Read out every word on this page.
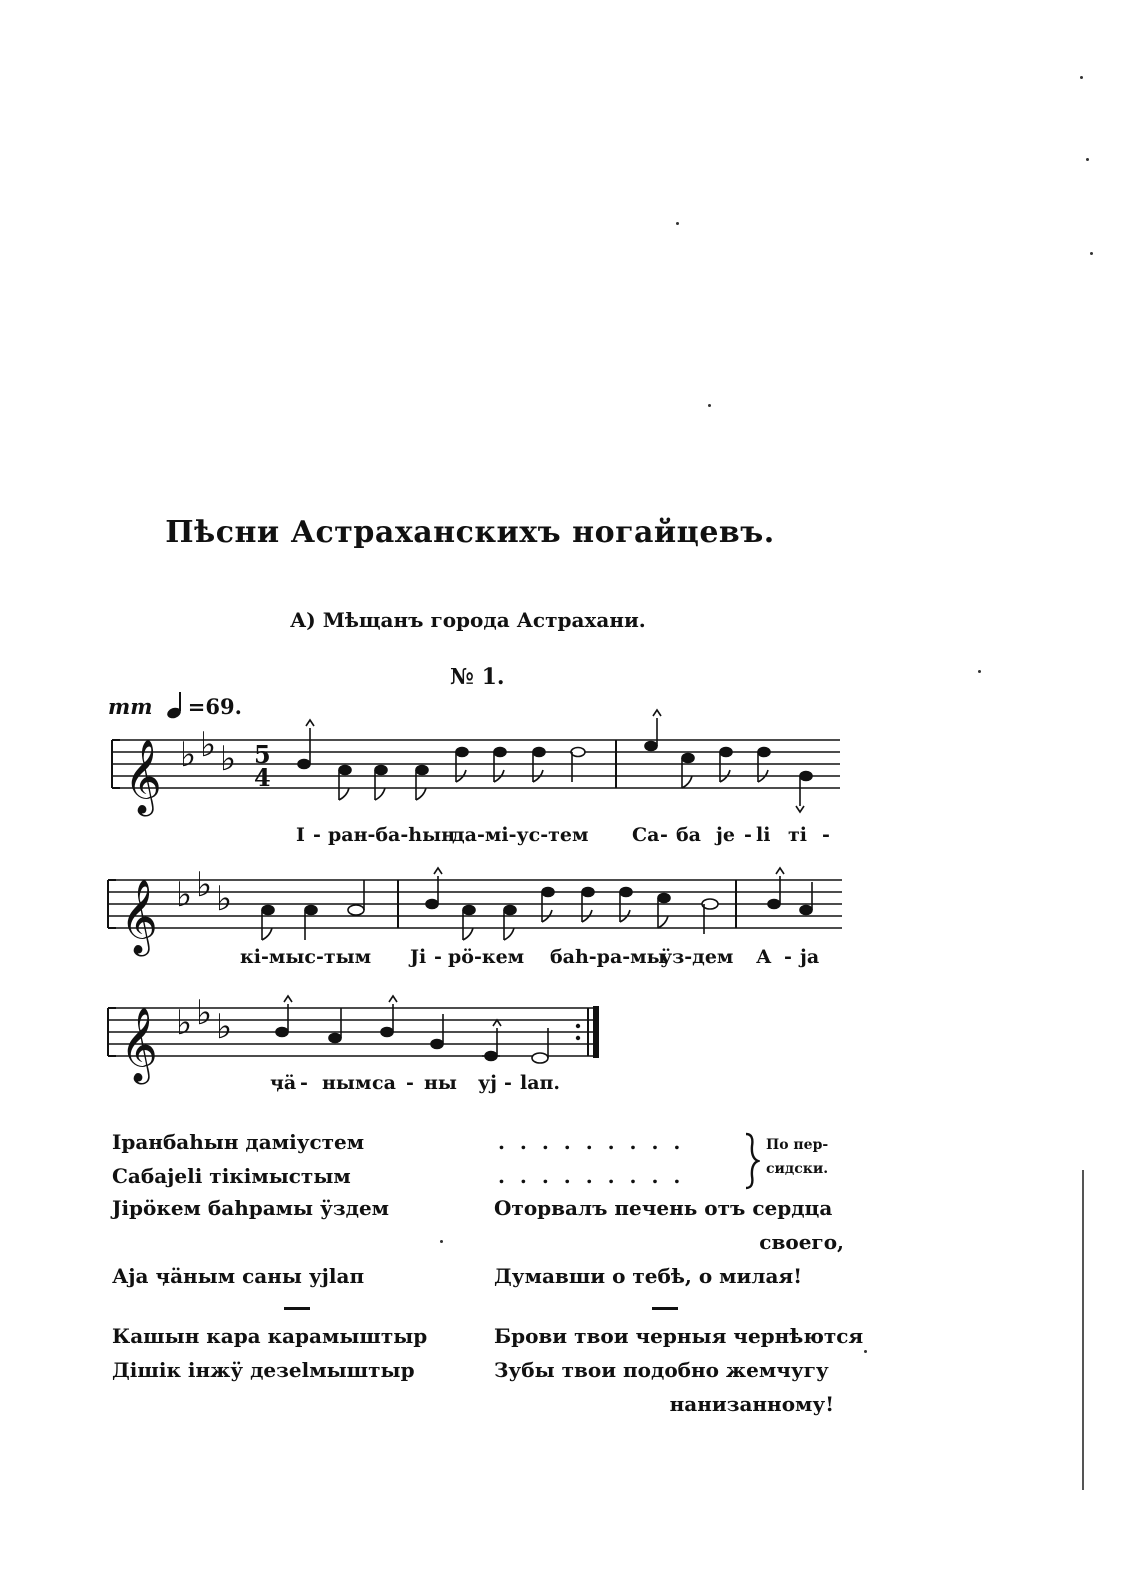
Пѣсни Астраханскихъ ногайцевъ.
А) Мѣщанъ города Астрахани.
№ 1.
mm =69.
𝄞 ♭ ♭ ♭ 5
4
𝄞 ♭ ♭ ♭
𝄞 ♭ ♭ ♭
І - ран-ба-һын
да-мі-ус-тем Са - ба je - li ті -
кі-мыс-тым Jі - рӧ-кем баһ-ра-мы
ӱз-дем А - ja
ӌӓ - ным са - ны уj - lап.
Іранбаһын даміустем
Сабаjelі тікімыстым
Jірӧкем баһрамы ӱздем
Аjа ӌӓным саны уjlап
. . . . . . . . .
. . . . . . . . .
По пер-
сидски.
Оторвалъ печень отъ сердца
своего,
Думавши о тебѣ, о милая!
Кашын кара карамыштыр
Дішік інжӱ дезеlмыштыр
Брови твои черныя чернѣются
Зубы твои подобно жемчугу
нанизанному!
